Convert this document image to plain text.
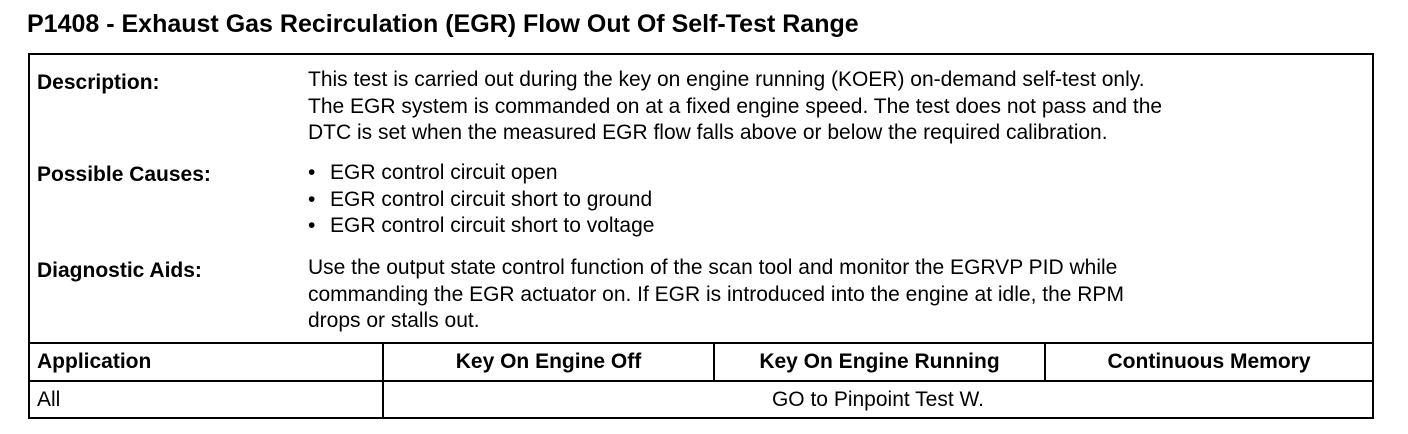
P1408 - Exhaust Gas Recirculation (EGR) Flow Out Of Self-Test Range
Description:	This test is carried out during the key on engine running (KOER) on-demand self-test only.
The EGR system is commanded on at a fixed engine speed. The test does not pass and the
DTC is set when the measured EGR flow falls above or below the required calibration.
Possible Causes:	• EGR control circuit open
• EGR control circuit short to ground
• EGR control circuit short to voltage
Diagnostic Aids:	Use the output state control function of the scan tool and monitor the EGRVP PID while
commanding the EGR actuator on. If EGR is introduced into the engine at idle, the RPM
drops or stalls out.
Application	Key On Engine Off	Key On Engine Running	Continuous Memory
All	GO to Pinpoint Test W.
